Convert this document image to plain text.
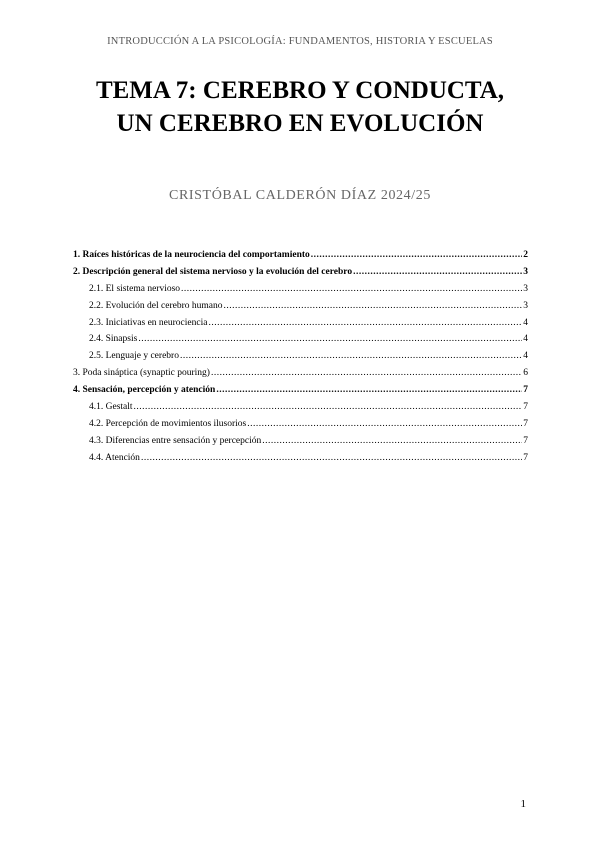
INTRODUCCIÓN A LA PSICOLOGÍA: FUNDAMENTOS, HISTORIA Y ESCUELAS
TEMA 7: CEREBRO Y CONDUCTA,
UN CEREBRO EN EVOLUCIÓN
CRISTÓBAL CALDERÓN DÍAZ 2024/25
1. Raíces históricas de la neurociencia del comportamiento .....	2
2. Descripción general del sistema nervioso y la evolución del cerebro .....	3
2.1. El sistema nervioso .....	3
2.2. Evolución del cerebro humano .....	3
2.3. Iniciativas en neurociencia .....	4
2.4. Sinapsis .....	4
2.5. Lenguaje y cerebro .....	4
3. Poda sináptica (synaptic pouring) .....	6
4. Sensación, percepción y atención .....	7
4.1. Gestalt .....	7
4.2. Percepción de movimientos ilusorios .....	7
4.3. Diferencias entre sensación y percepción .....	7
4.4. Atención .....	7
1
